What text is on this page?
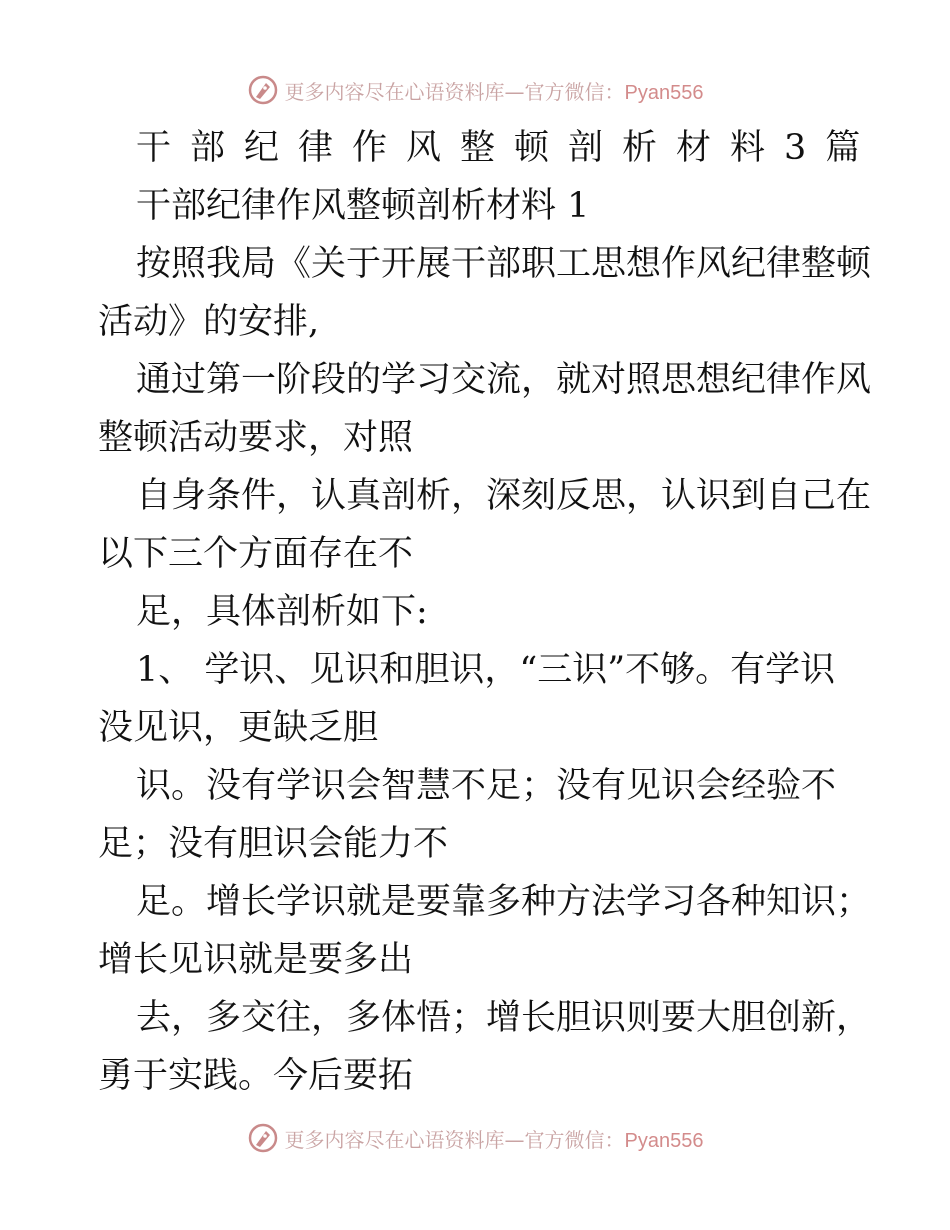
更多内容尽在心语资料库—官方微信：Pyan556
干部纪律作风整顿剖析材料3篇
干部纪律作风整顿剖析材料 1
按照我局《关于开展干部职工思想作风纪律整顿
活动》的安排,
通过第一阶段的学习交流，就对照思想纪律作风
整顿活动要求，对照
自身条件，认真剖析，深刻反思，认识到自己在
以下三个方面存在不
足，具体剖析如下:
1、 学识、见识和胆识，“三识”不够。有学识
没见识，更缺乏胆
识。没有学识会智慧不足；没有见识会经验不
足；没有胆识会能力不
足。增长学识就是要靠多种方法学习各种知识；
增长见识就是要多出
去，多交往，多体悟；增长胆识则要大胆创新，
勇于实践。今后要拓
更多内容尽在心语资料库—官方微信：Pyan556
